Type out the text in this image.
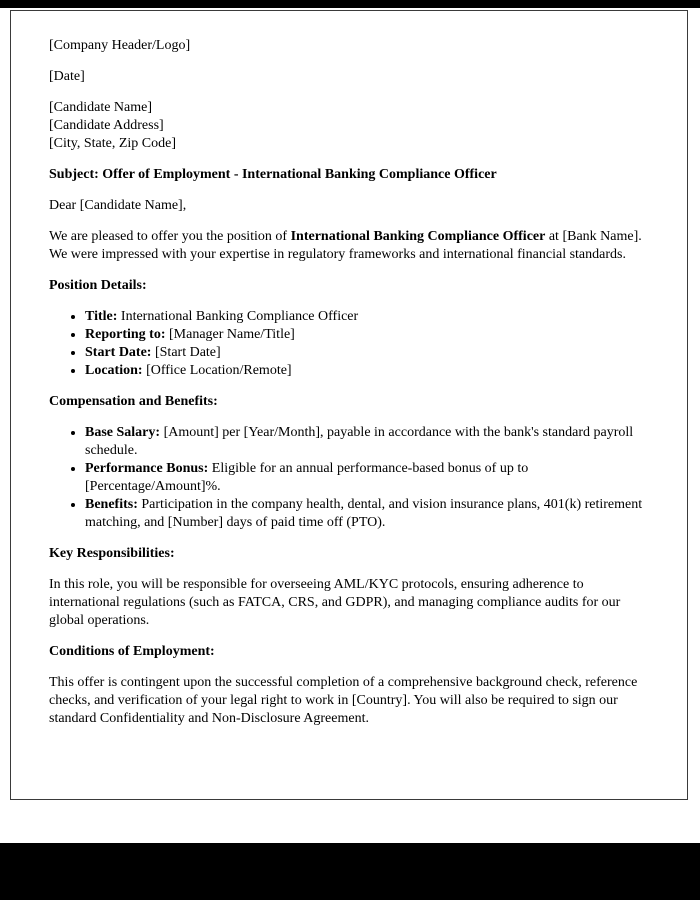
[Company Header/Logo]

[Date]

[Candidate Name]
[Candidate Address]
[City, State, Zip Code]

Subject: Offer of Employment - International Banking Compliance Officer

Dear [Candidate Name],

We are pleased to offer you the position of International Banking Compliance Officer at [Bank Name]. We were impressed with your expertise in regulatory frameworks and international financial standards.

Position Details:

• Title: International Banking Compliance Officer
• Reporting to: [Manager Name/Title]
• Start Date: [Start Date]
• Location: [Office Location/Remote]

Compensation and Benefits:

• Base Salary: [Amount] per [Year/Month], payable in accordance with the bank's standard payroll schedule.
• Performance Bonus: Eligible for an annual performance-based bonus of up to [Percentage/Amount]%.
• Benefits: Participation in the company health, dental, and vision insurance plans, 401(k) retirement matching, and [Number] days of paid time off (PTO).

Key Responsibilities:

In this role, you will be responsible for overseeing AML/KYC protocols, ensuring adherence to international regulations (such as FATCA, CRS, and GDPR), and managing compliance audits for our global operations.

Conditions of Employment:

This offer is contingent upon the successful completion of a comprehensive background check, reference checks, and verification of your legal right to work in [Country]. You will also be required to sign our standard Confidentiality and Non-Disclosure Agreement.
